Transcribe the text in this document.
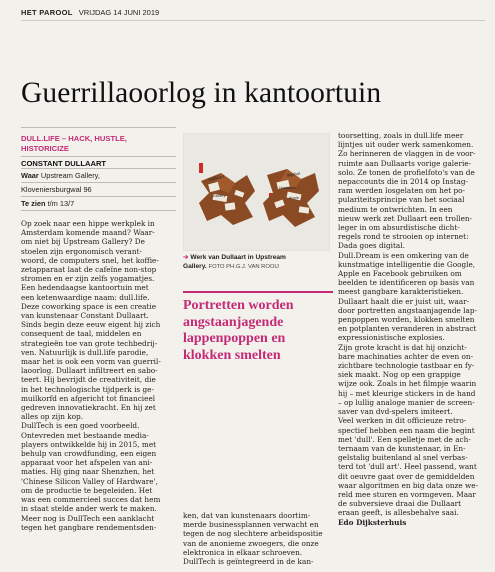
HET PAROOL VRIJDAG 14 JUNI 2019
Guerrillaoorlog in kantoortuin
DULL.LIFE – HACK, HUSTLE,
HISTORICIZE
CONSTANT DULLAART
Waar Upstream Gallery,
Kloveniersburgwal 96
Te zien t/m 13/7
Op zoek naar een hippe werkplek in
Amsterdam komende maand? Waar-
om niet bij Upstream Gallery? De
stoelen zijn ergonomisch verant-
woord, de computers snel, het koffie-
zetapparaat laat de cafeïne non-stop
stromen en er zijn zelfs yogamatjes.
Een hedendaagse kantoortuin met
een ketenwaardige naam: dull.life.
Deze coworking space is een creatie
van kunstenaar Constant Dullaart.
Sinds begin deze eeuw eigent hij zich
consequent de taal, middelen en
strategieën toe van grote techbedrij-
ven. Natuurlijk is dull.life parodie,
maar het is ook een vorm van guerril-
laoorlog. Dullaart infiltreert en sabo-
teert. Hij bevrijdt de creativiteit, die
in het technologische tijdperk is ge-
muilkorfd en afgericht tot financieel
gedreven innovatiekracht. En hij zet
alles op zijn kop.
DullTech is een goed voorbeeld.
Ontevreden met bestaande media-
players ontwikkelde hij in 2015, met
behulp van crowdfunding, een eigen
apparaat voor het afspelen van ani-
maties. Hij ging naar Shenzhen, het
'Chinese Silicon Valley of Hardware',
om de productie te begeleiden. Het
was een commercieel succes dat hem
in staat stelde ander werk te maken.
Meer nog is DullTech een aanklacht
tegen het gangbare rendementsden-
Dullaart
Gallery
Warhol
Upstream
Apple
➔ Werk van Dullaart in Upstream
Gallery. FOTO PH.G.J. VAN ROOIJ
Portretten worden
angstaanjagende
lappenpoppen en
klokken smelten
ken, dat van kunstenaars doortim-
merde businessplannen verwacht en
tegen de nog slechtere arbeidspositie
van de anonieme zwoegers, die onze
elektronica in elkaar schroeven.
DullTech is geïntegreerd in de kan-
toorsetting, zoals in dull.life meer
lijntjes uit ouder werk samenkomen.
Zo herinneren de vlaggen in de voor-
ruimte aan Dullaarts vorige galerie-
solo. Ze tonen de profielfoto's van de
nepaccounts die in 2014 op Instag-
ram werden losgelaten om het po-
pulariteitsprincipe van het sociaal
medium te ontwrichten. In een
nieuw werk zet Dullaart een trollen-
leger in om absurdistische dicht-
regels rond te strooien op internet:
Dada goes digital.
Dull.Dream is een omkering van de
kunstmatige intelligentie die Google,
Apple en Facebook gebruiken om
beelden te identificeren op basis van
meest gangbare karakteristieken.
Dullaart haalt die er juist uit, waar-
door portretten angstaanjagende lap-
penpoppen worden, klokken smelten
en potplanten veranderen in abstract
expressionistische explosies.
Zijn grote kracht is dat hij onzicht-
bare machinaties achter de even on-
zichtbare technologie tastbaar en fy-
siek maakt. Nog op een grappige
wijze ook. Zoals in het filmpje waarin
hij – met kleurige stickers in de hand
– op lullig analoge manier de screen-
saver van dvd-spelers imiteert.
Veel werken in dit officieuze retro-
spectief hebben een naam die begint
met 'dull'. Een spelletje met de ach-
ternaam van de kunstenaar, in En-
gelstalig buitenland al snel verbas-
terd tot 'dull art'. Heel passend, want
dit oeuvre gaat over de gemiddelden
waar algoritmen en big data onze we-
reld mee sturen en vormgeven. Maar
de subversieve draai die Dullaart
eraan geeft, is allesbehalve saai.
Edo Dijksterhuis
